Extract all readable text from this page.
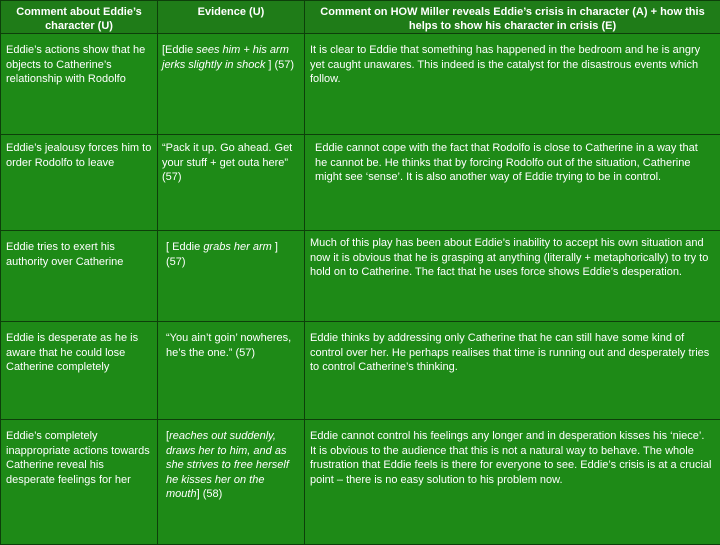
Comment about Eddie’s character (U)	Evidence (U)	Comment on HOW Miller reveals Eddie’s crisis in character (A) + how this helps to show his character in crisis (E)

Eddie’s actions show that he objects to Catherine’s relationship with Rodolfo	[Eddie sees him + his arm jerks slightly in shock ] (57)	It is clear to Eddie that something has happened in the bedroom and he is angry yet caught unawares. This indeed is the catalyst for the disastrous events which follow.

Eddie’s jealousy forces him to order Rodolfo to leave	“Pack it up. Go ahead. Get your stuff + get outa here” (57)	Eddie cannot cope with the fact that Rodolfo is close to Catherine in a way that he cannot be. He thinks that by forcing Rodolfo out of the situation, Catherine might see ‘sense’. It is also another way of Eddie trying to be in control.

Eddie tries to exert his authority over Catherine	[ Eddie grabs her arm ] (57)	Much of this play has been about Eddie’s inability to accept his own situation and now it is obvious that he is grasping at anything (literally + metaphorically) to try to hold on to Catherine. The fact that he uses force shows Eddie’s desperation.

Eddie is desperate as he is aware that he could lose Catherine completely	“You ain’t goin’ nowheres, he’s the one.” (57)	Eddie thinks by addressing only Catherine that he can still have some kind of control over her. He perhaps realises that time is running out and desperately tries to control Catherine’s thinking.

Eddie’s completely inappropriate actions towards Catherine reveal his desperate feelings for her	[reaches out suddenly, draws her to him, and as she strives to free herself he kisses her on the mouth] (58)	Eddie cannot control his feelings any longer and in desperation kisses his ‘niece’. It is obvious to the audience that this is not a natural way to behave. The whole frustration that Eddie feels is there for everyone to see. Eddie’s crisis is at a crucial point – there is no easy solution to his problem now.
